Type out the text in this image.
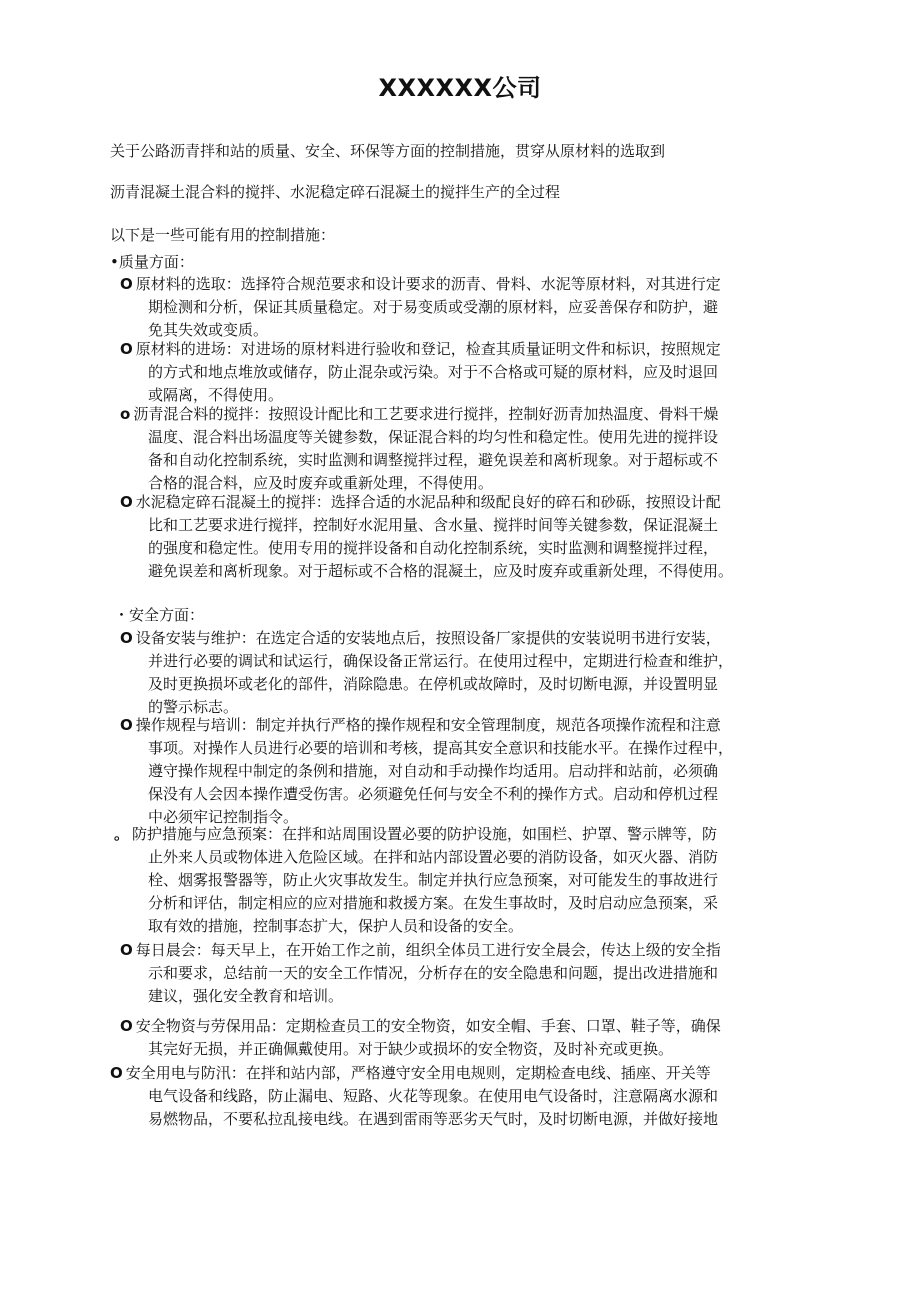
XXXXXX公司
关于公路沥青拌和站的质量、安全、环保等方面的控制措施，贯穿从原材料的选取到
沥青混凝土混合料的搅拌、水泥稳定碎石混凝土的搅拌生产的全过程
以下是一些可能有用的控制措施：
•质量方面：
O 原材料的选取：选择符合规范要求和设计要求的沥青、骨料、水泥等原材料，对其进行定
期检测和分析，保证其质量稳定。对于易变质或受潮的原材料，应妥善保存和防护，避
免其失效或变质。
O 原材料的进场：对进场的原材料进行验收和登记，检查其质量证明文件和标识，按照规定
的方式和地点堆放或储存，防止混杂或污染。对于不合格或可疑的原材料，应及时退回
或隔离，不得使用。
o 沥青混合料的搅拌：按照设计配比和工艺要求进行搅拌，控制好沥青加热温度、骨料干燥
温度、混合料出场温度等关键参数，保证混合料的均匀性和稳定性。使用先进的搅拌设
备和自动化控制系统，实时监测和调整搅拌过程，避免误差和离析现象。对于超标或不
合格的混合料，应及时废弃或重新处理，不得使用。
O 水泥稳定碎石混凝土的搅拌：选择合适的水泥品种和级配良好的碎石和砂砾，按照设计配
比和工艺要求进行搅拌，控制好水泥用量、含水量、搅拌时间等关键参数，保证混凝土
的强度和稳定性。使用专用的搅拌设备和自动化控制系统，实时监测和调整搅拌过程，
避免误差和离析现象。对于超标或不合格的混凝土，应及时废弃或重新处理，不得使用。
・安全方面：
O 设备安装与维护：在选定合适的安装地点后，按照设备厂家提供的安装说明书进行安装，
并进行必要的调试和试运行，确保设备正常运行。在使用过程中，定期进行检查和维护，
及时更换损坏或老化的部件，消除隐患。在停机或故障时，及时切断电源，并设置明显
的警示标志。
O 操作规程与培训：制定并执行严格的操作规程和安全管理制度，规范各项操作流程和注意
事项。对操作人员进行必要的培训和考核，提高其安全意识和技能水平。在操作过程中，
遵守操作规程中制定的条例和措施，对自动和手动操作均适用。启动拌和站前，必须确
保没有人会因本操作遭受伤害。必须避免任何与安全不利的操作方式。启动和停机过程
中必须牢记控制指令。
。 防护措施与应急预案：在拌和站周围设置必要的防护设施，如围栏、护罩、警示牌等，防
止外来人员或物体进入危险区域。在拌和站内部设置必要的消防设备，如灭火器、消防
栓、烟雾报警器等，防止火灾事故发生。制定并执行应急预案，对可能发生的事故进行
分析和评估，制定相应的应对措施和救援方案。在发生事故时，及时启动应急预案，采
取有效的措施，控制事态扩大，保护人员和设备的安全。
O 每日晨会：每天早上，在开始工作之前，组织全体员工进行安全晨会，传达上级的安全指
示和要求，总结前一天的安全工作情况，分析存在的安全隐患和问题，提出改进措施和
建议，强化安全教育和培训。
O 安全物资与劳保用品：定期检查员工的安全物资，如安全帽、手套、口罩、鞋子等，确保
其完好无损，并正确佩戴使用。对于缺少或损坏的安全物资，及时补充或更换。
O 安全用电与防汛：在拌和站内部，严格遵守安全用电规则，定期检查电线、插座、开关等
电气设备和线路，防止漏电、短路、火花等现象。在使用电气设备时，注意隔离水源和
易燃物品，不要私拉乱接电线。在遇到雷雨等恶劣天气时，及时切断电源，并做好接地
